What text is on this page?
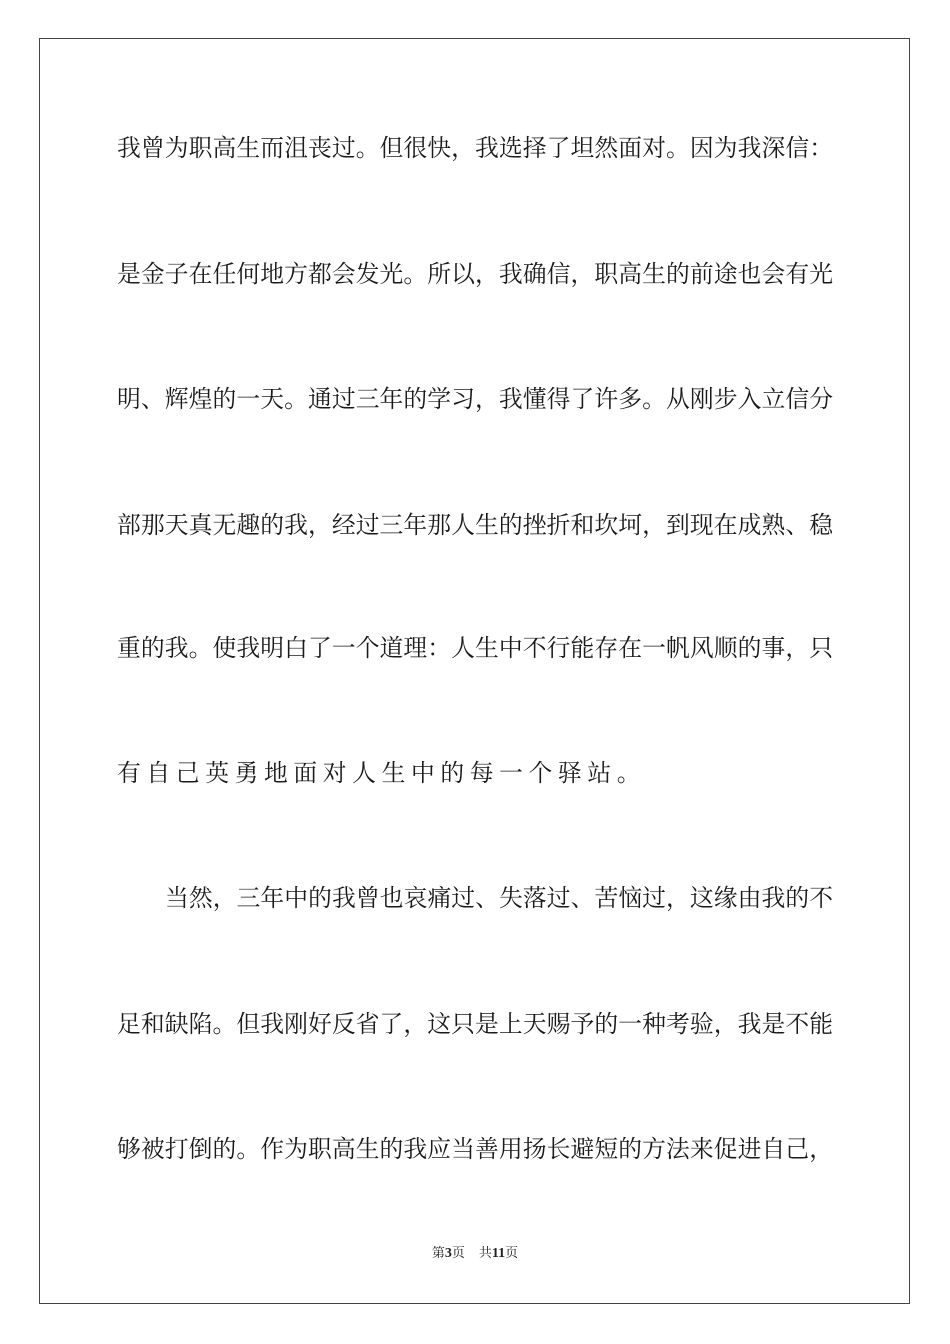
我曾为职高生而沮丧过。但很快，我选择了坦然面对。因为我深信：
是金子在任何地方都会发光。所以，我确信，职高生的前途也会有光
明、辉煌的一天。通过三年的学习，我懂得了许多。从刚步入立信分
部那天真无趣的我，经过三年那人生的挫折和坎坷，到现在成熟、稳
重的我。使我明白了一个道理：人生中不行能存在一帆风顺的事，只
有自己英勇地面对人生中的每一个驿站。
当然，三年中的我曾也哀痛过、失落过、苦恼过，这缘由我的不
足和缺陷。但我刚好反省了，这只是上天赐予的一种考验，我是不能
够被打倒的。作为职高生的我应当善用扬长避短的方法来促进自己，
第3页 共11页
